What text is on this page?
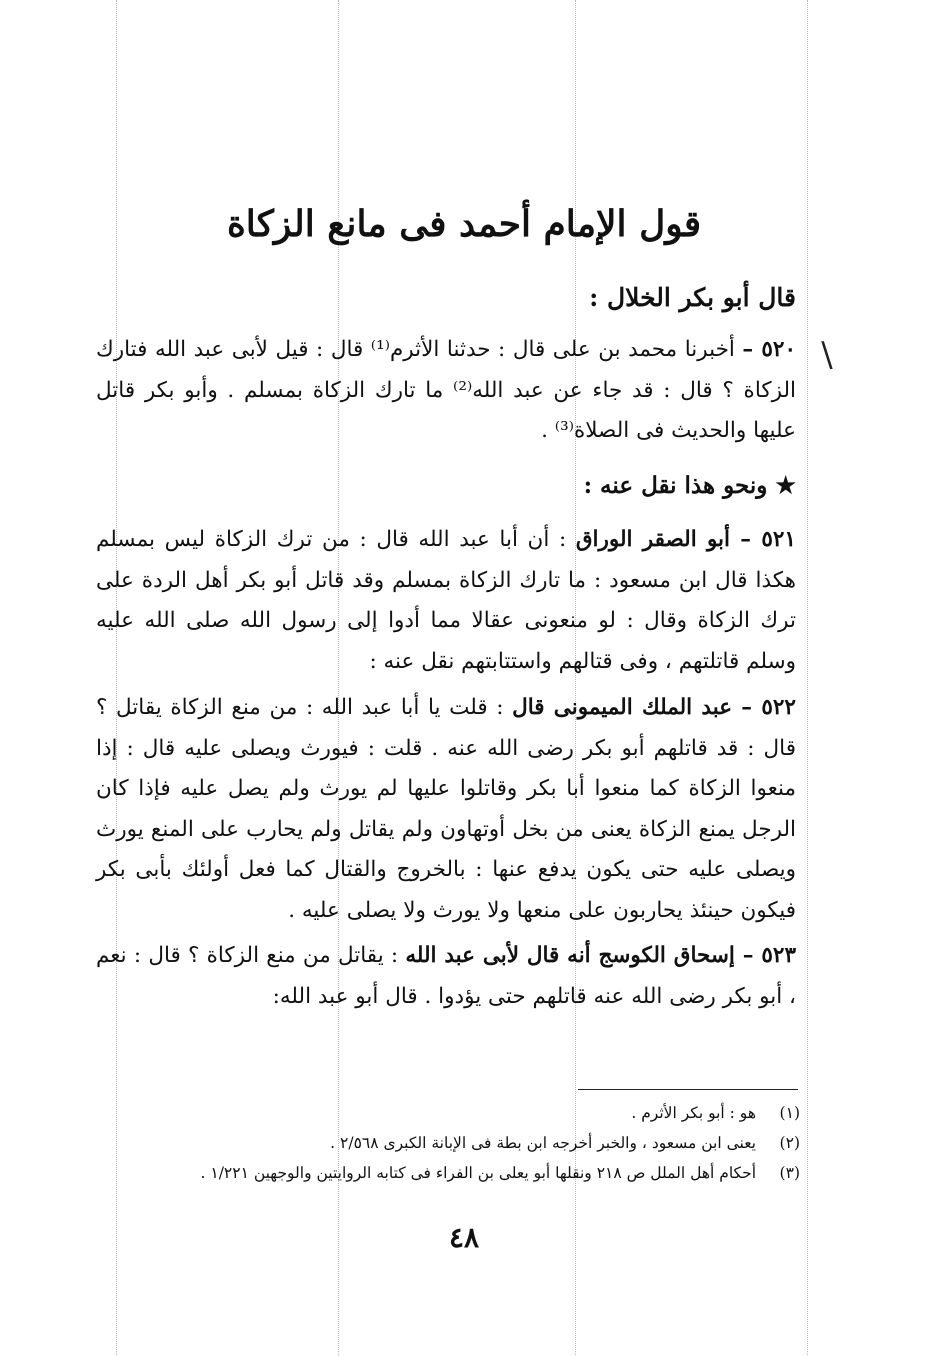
قول الإمام أحمد فى مانع الزكاة
قال أبو بكر الخلال :
\
٥٢٠ – أخبرنا محمد بن على قال : حدثنا الأثرم⁽¹⁾ قال : قيل لأبى عبد الله فتارك الزكاة ؟ قال : قد جاء عن عبد الله⁽²⁾ ما تارك الزكاة بمسلم . وأبو بكر قاتل عليها والحديث فى الصلاة⁽³⁾ .
★ ونحو هذا نقل عنه :
٥٢١ – أبو الصقر الوراق : أن أبا عبد الله قال : من ترك الزكاة ليس بمسلم هكذا قال ابن مسعود : ما تارك الزكاة بمسلم وقد قاتل أبو بكر أهل الردة على ترك الزكاة وقال : لو منعونى عقالا مما أدوا إلى رسول الله صلى الله عليه وسلم قاتلتهم ، وفى قتالهم واستتابتهم نقل عنه :
٥٢٢ – عبد الملك الميمونى قال : قلت يا أبا عبد الله : من منع الزكاة يقاتل ؟ قال : قد قاتلهم أبو بكر رضى الله عنه . قلت : فيورث ويصلى عليه قال : إذا منعوا الزكاة كما منعوا أبا بكر وقاتلوا عليها لم يورث ولم يصل عليه فإذا كان الرجل يمنع الزكاة يعنى من بخل أوتهاون ولم يقاتل ولم يحارب على المنع يورث ويصلى عليه حتى يكون يدفع عنها : بالخروج والقتال كما فعل أولئك بأبى بكر فيكون حينئذ يحاربون على منعها ولا يورث ولا يصلى عليه .
٥٢٣ – إسحاق الكوسج أنه قال لأبى عبد الله : يقاتل من منع الزكاة ؟ قال : نعم ، أبو بكر رضى الله عنه قاتلهم حتى يؤدوا . قال أبو عبد الله:
(١)
هو : أبو بكر الأثرم .
(٢)
يعنى ابن مسعود ، والخبر أخرجه ابن بطة فى الإبانة الكبرى ٢/٥٦٨ .
(٣)
أحكام أهل الملل ص ٢١٨ ونقلها أبو يعلى بن الفراء فى كتابه الروايتين والوجهين ١/٢٢١ .
٤٨
